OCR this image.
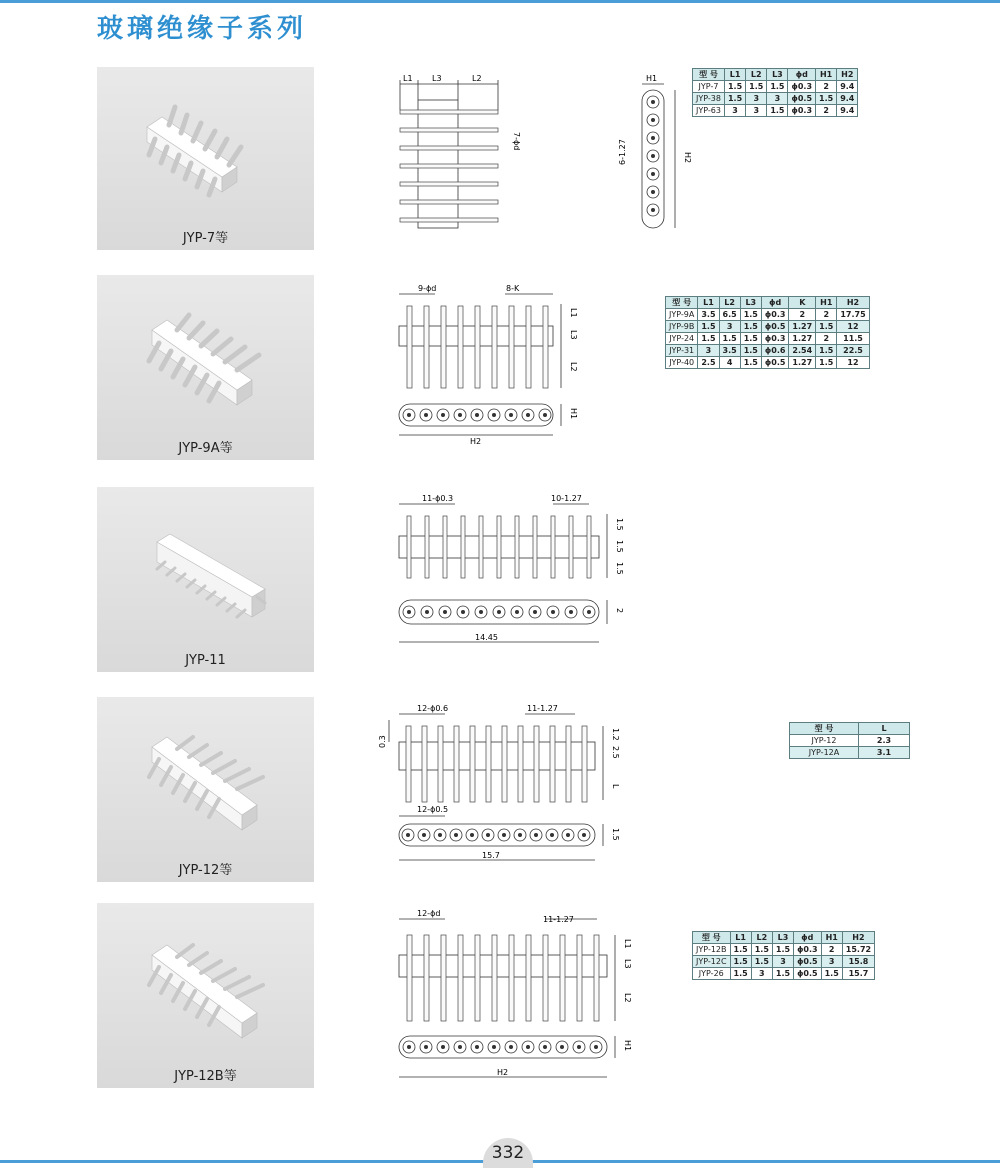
玻璃绝缘子系列
JYP-7等
L1 L3	L2
7-ϕd
H1
6-1.27	H2
型 号	L1	L2	L3	ϕd	H1	H2
JYP-7	1.5	1.5	1.5	ϕ0.3	2	9.4
JYP-38	1.5	3	3	ϕ0.5	1.5	9.4
JYP-63	3	3	1.5	ϕ0.3	2	9.4
JYP-9A等
9-ϕd	8-K
L1
L3
L2
H1
H2
型 号	L1	L2	L3	ϕd	K	H1	H2
JYP-9A	3.5	6.5	1.5	ϕ0.3	2	2	17.75
JYP-9B	1.5	3	1.5	ϕ0.5	1.27	1.5	12
JYP-24	1.5	1.5	1.5	ϕ0.3	1.27	2	11.5
JYP-31	3	3.5	1.5	ϕ0.6	2.54	1.5	22.5
JYP-40	2.5	4	1.5	ϕ0.5	1.27	1.5	12
JYP-11
11-ϕ0.3	10-1.27
1.5
1.5
1.5
2
14.45
JYP-12等
12-ϕ0.6	11-1.27
0.3
1.2
2.5
L
12-ϕ0.5
1.5
15.7
型 号	L
JYP-12	2.3
JYP-12A	3.1
JYP-12B等
12-ϕd
11-1.27
L1
L3
L2
H1
H2
型 号	L1	L2	L3	ϕd	H1	H2
JYP-12B	1.5	1.5	1.5	ϕ0.3	2	15.72
JYP-12C	1.5	1.5	3	ϕ0.5	3	15.8
JYP-26	1.5	3	1.5	ϕ0.5	1.5	15.7
332
